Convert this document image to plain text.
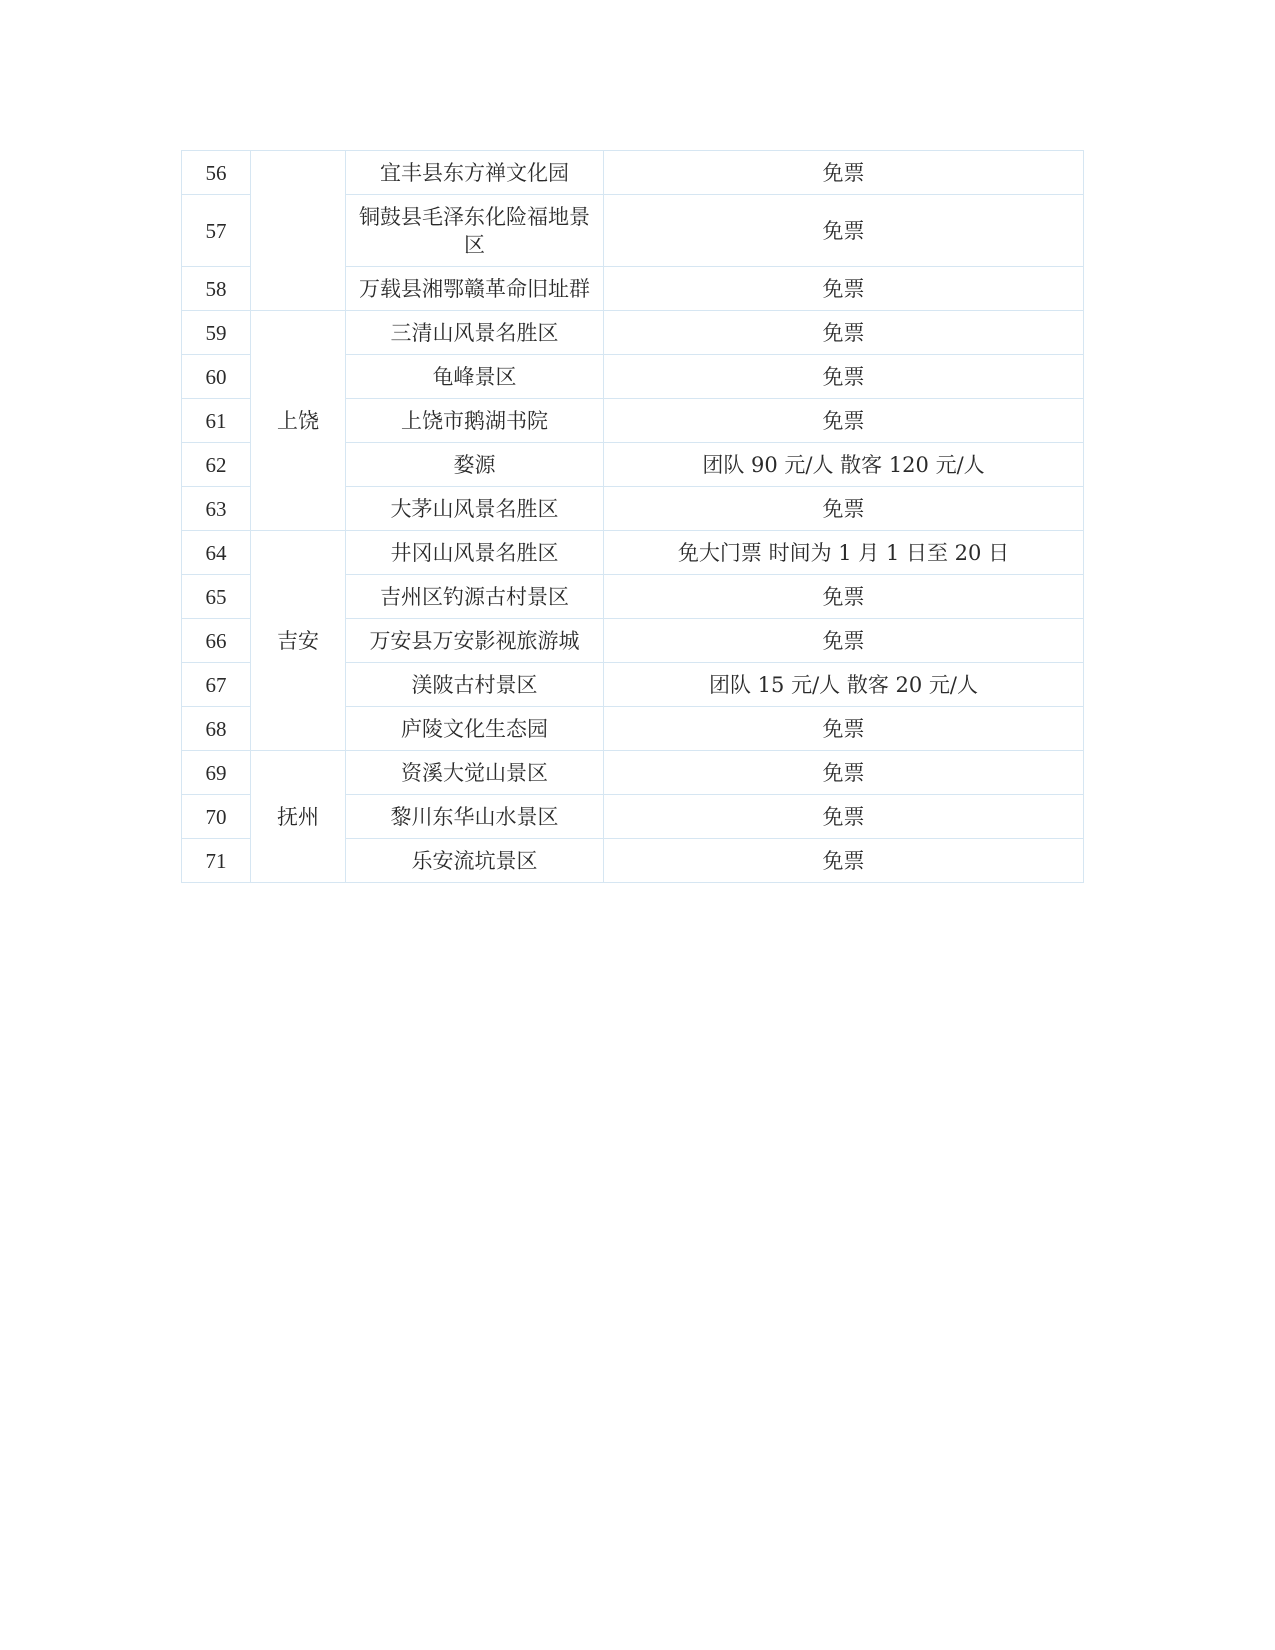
56		宜丰县东方禅文化园	免票
57		铜鼓县毛泽东化险福地景区	免票
58		万载县湘鄂赣革命旧址群	免票
59	上饶	三清山风景名胜区	免票
60		龟峰景区	免票
61		上饶市鹅湖书院	免票
62		婺源	团队 90 元/人 散客 120 元/人
63		大茅山风景名胜区	免票
64	吉安	井冈山风景名胜区	免大门票 时间为 1 月 1 日至 20 日
65		吉州区钓源古村景区	免票
66		万安县万安影视旅游城	免票
67		渼陂古村景区	团队 15 元/人 散客 20 元/人
68		庐陵文化生态园	免票
69	抚州	资溪大觉山景区	免票
70		黎川东华山水景区	免票
71		乐安流坑景区	免票
